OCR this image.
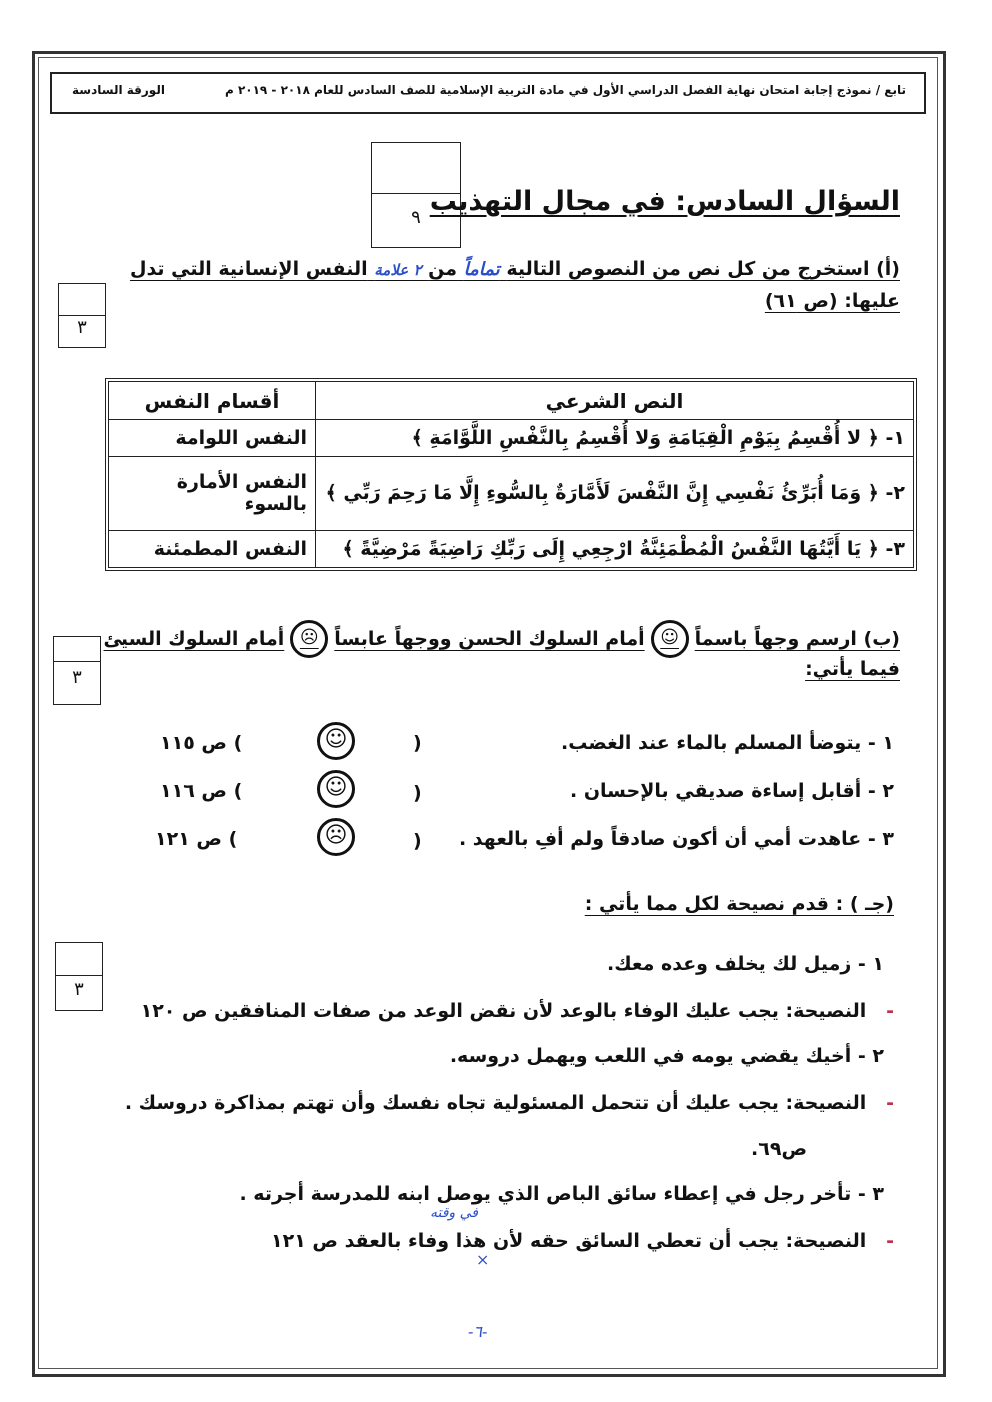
تابع / نموذج إجابة امتحان نهاية الفصل الدراسي الأول في مادة التربية الإسلامية للصف السادس للعام ٢٠١٨ - ٢٠١٩ م
الورقة السادسة
٩
السؤال السادس: في مجال التهذيب
(أ) استخرج من كل نص من النصوص التالية تماماً من ٢ علامة النفس الإنسانية التي تدل
عليها: (ص ٦١)
٣
النص الشرعي	أقسام النفس
١- ﴿ لا أُقْسِمُ بِيَوْمِ الْقِيَامَةِ وَلا أُقْسِمُ بِالنَّفْسِ اللَّوَّامَةِ ﴾	النفس اللوامة
٢- ﴿ وَمَا أُبَرِّئُ نَفْسِي إِنَّ النَّفْسَ لَأَمَّارَةٌ بِالسُّوءِ إِلَّا مَا رَحِمَ رَبِّي ﴾	النفس الأمارة بالسوء
٣- ﴿ يَا أَيَّتُهَا النَّفْسُ الْمُطْمَئِنَّةُ ارْجِعِي إِلَى رَبِّكِ رَاضِيَةً مَرْضِيَّةً ﴾	النفس المطمئنة
(ب) ارسم وجهاً باسماً
☺
أمام السلوك الحسن ووجهاً عابساً
☹
أمام السلوك السيئ
فيما يأتي:
٣
١ - يتوضأ المسلم بالماء عند الغضب.
)
☺
) ص ١١٥
٢ - أقابل إساءة صديقي بالإحسان .
)
☺
) ص ١١٦
٣ - عاهدت أمي أن أكون صادقاً ولم أفِ بالعهد .
)
☹
) ص ١٢١
(جـ ) : قدم نصيحة لكل مما يأتي :
٣
١ - زميل لك يخلف وعده معك.
-   النصيحة: يجب عليك الوفاء بالوعد لأن نقض الوعد من صفات المنافقين ص ١٢٠
٢ - أخيك يقضي يومه في اللعب ويهمل دروسه.
-   النصيحة: يجب عليك أن تتحمل المسئولية تجاه نفسك وأن تهتم بمذاكرة دروسك .
ص٦٩.
٣ - تأخر رجل في إعطاء سائق الباص الذي يوصل ابنه للمدرسة أجرته .
في وقته
-   النصيحة: يجب أن تعطي السائق حقه لأن هذا وفاء بالعقد ص ١٢١
×
-٦-
